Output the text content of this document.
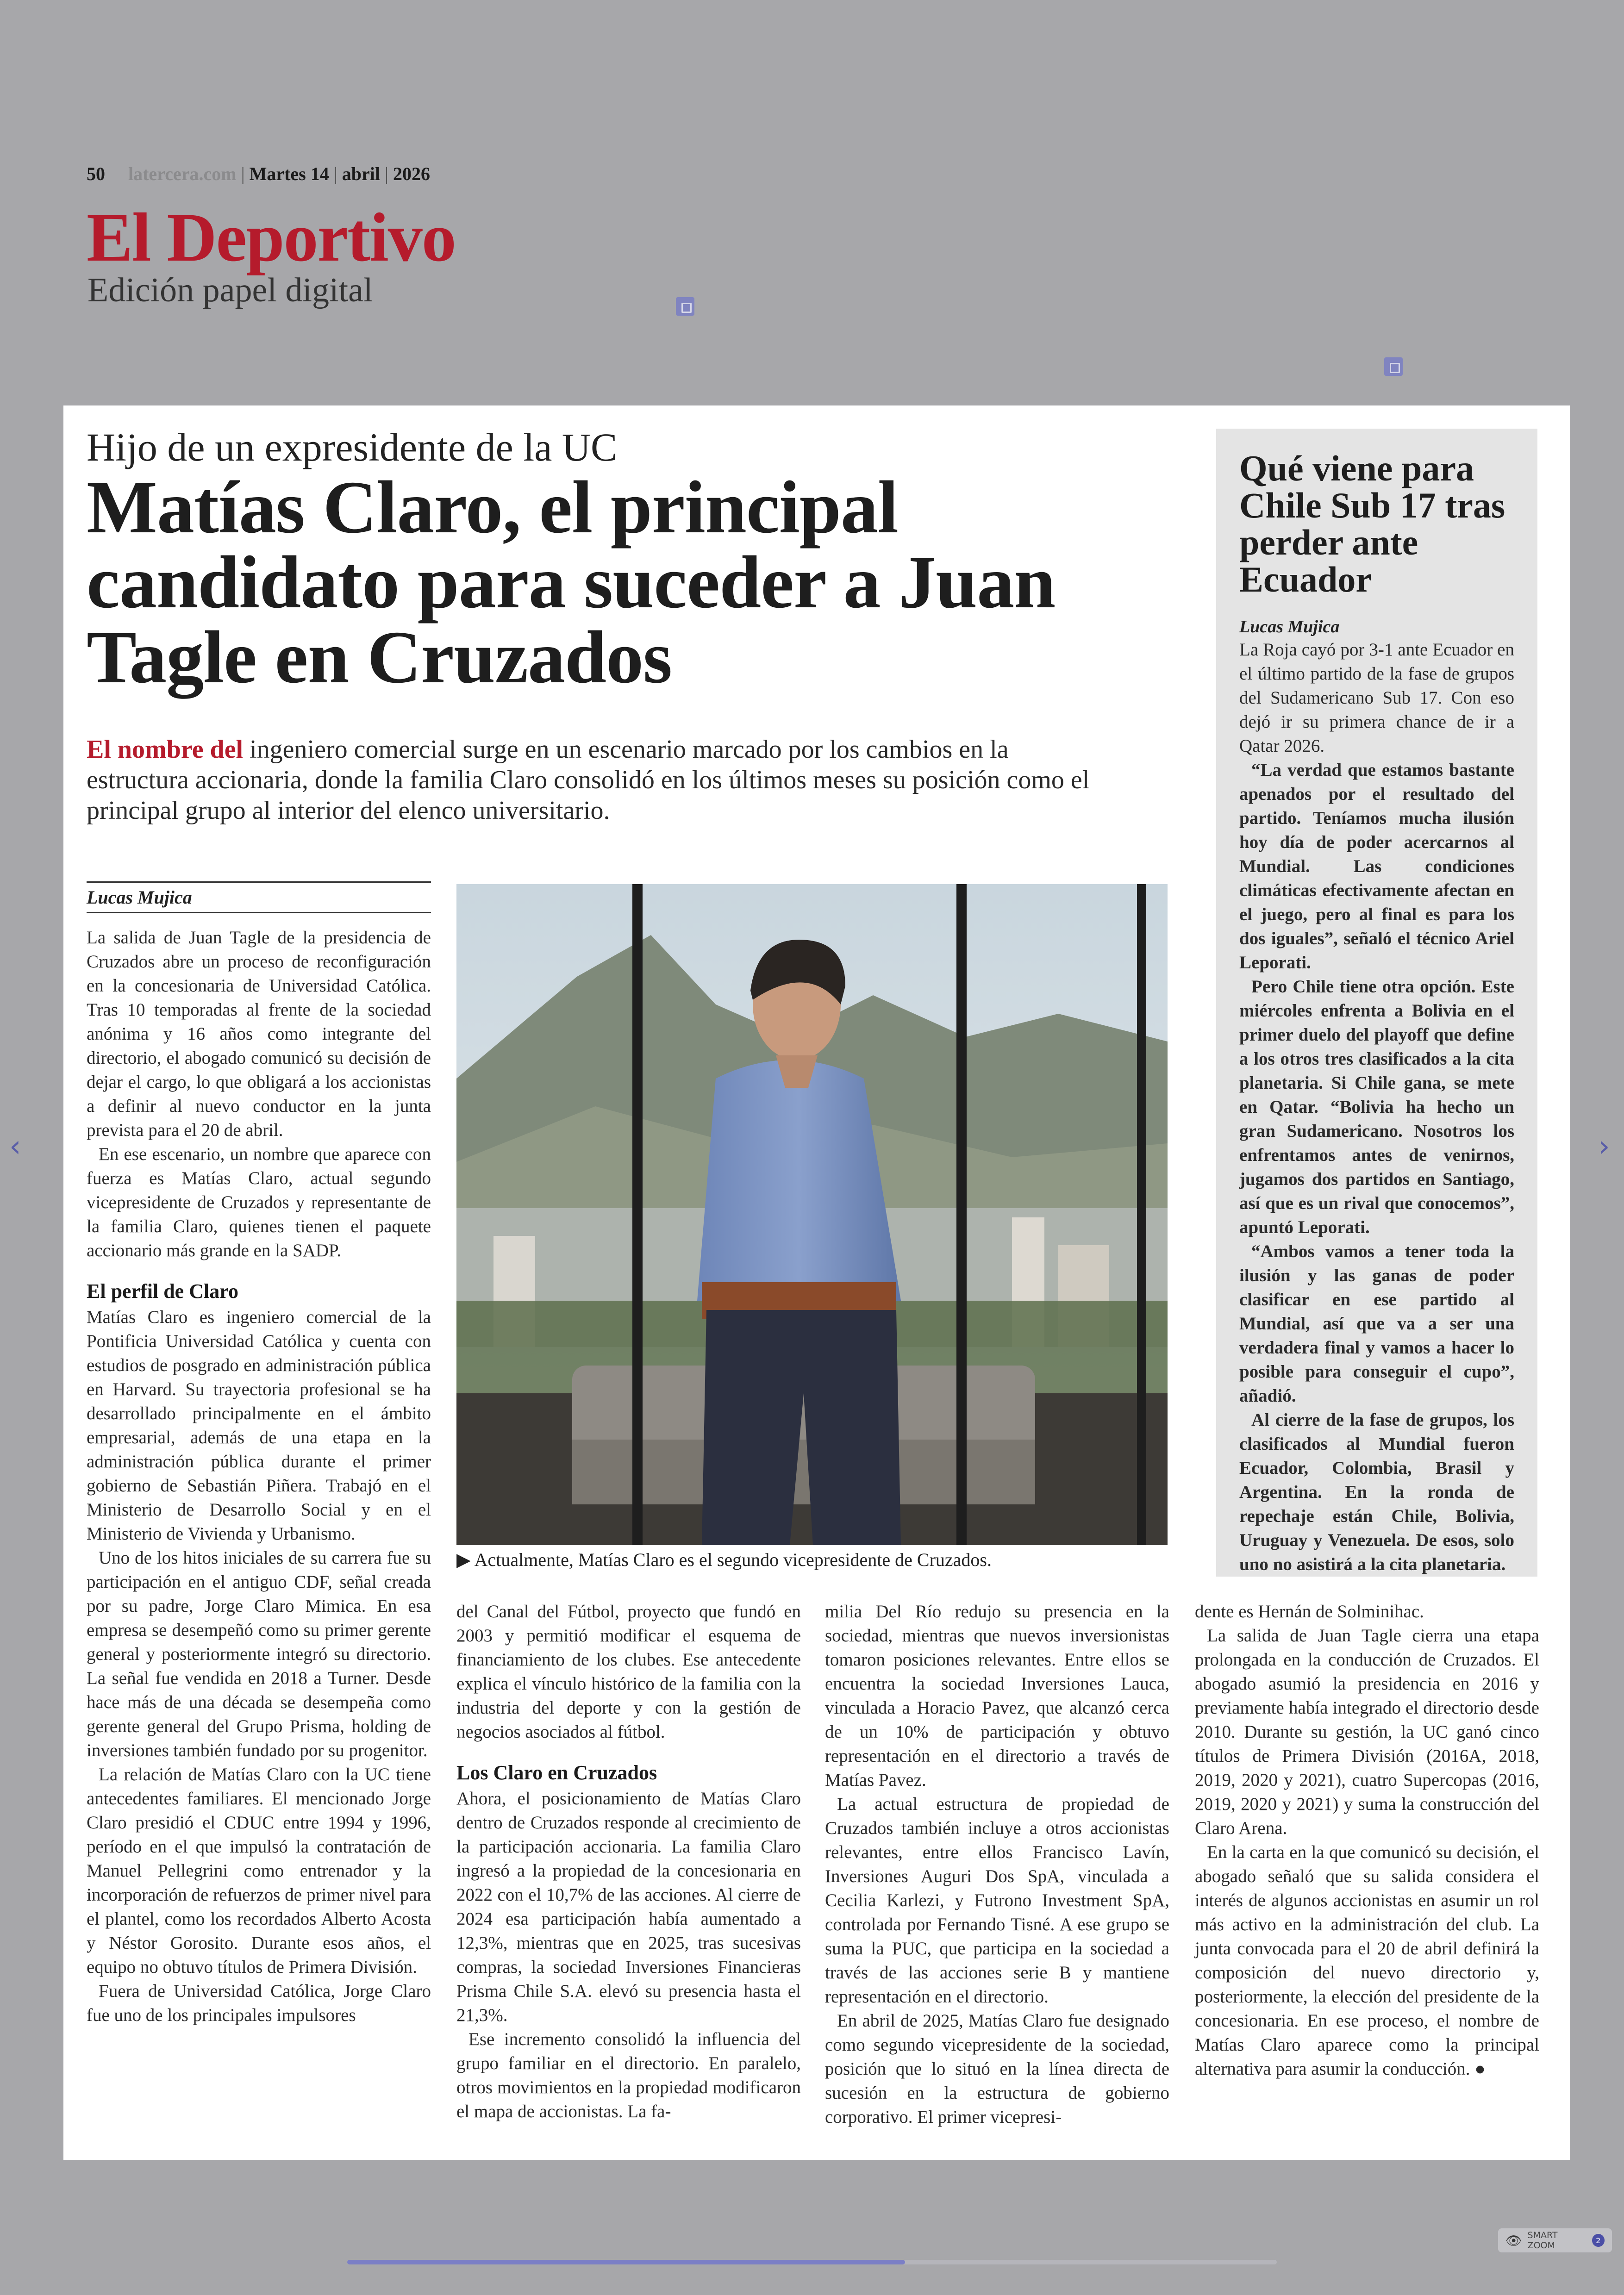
50 latercera.com | Martes 14 | abril | 2026
El Deportivo
Edición papel digital
Hijo de un expresidente de la UC
Matías Claro, el principal candidato para suceder a Juan Tagle en Cruzados
El nombre del ingeniero comercial surge en un escenario marcado por los cambios en la estructura accionaria, donde la familia Claro consolidó en los últimos meses su posición como el principal grupo al interior del elenco universitario.
Lucas Mujica

La salida de Juan Tagle de la presidencia de Cruzados abre un proceso de reconfiguración en la concesionaria de Universidad Católica. Tras 10 temporadas al frente de la sociedad anónima y 16 años como integrante del directorio, el abogado comunicó su decisión de dejar el cargo, lo que obligará a los accionistas a definir al nuevo conductor en la junta prevista para el 20 de abril.

En ese escenario, un nombre que aparece con fuerza es Matías Claro, actual segundo vicepresidente de Cruzados y representante de la familia Claro, quienes tienen el paquete accionario más grande en la SADP.

El perfil de Claro

Matías Claro es ingeniero comercial de la Pontificia Universidad Católica y cuenta con estudios de posgrado en administración pública en Harvard. Su trayectoria profesional se ha desarrollado principalmente en el ámbito empresarial, además de una etapa en la administración pública durante el primer gobierno de Sebastián Piñera. Trabajó en el Ministerio de Desarrollo Social y en el Ministerio de Vivienda y Urbanismo.

Uno de los hitos iniciales de su carrera fue su participación en el antiguo CDF, señal creada por su padre, Jorge Claro Mimica. En esa empresa se desempeñó como su primer gerente general y posteriormente integró su directorio. La señal fue vendida en 2018 a Turner. Desde hace más de una década se desempeña como gerente general del Grupo Prisma, holding de inversiones también fundado por su progenitor.

La relación de Matías Claro con la UC tiene antecedentes familiares. El mencionado Jorge Claro presidió el CDUC entre 1994 y 1996, período en el que impulsó la contratación de Manuel Pellegrini como entrenador y la incorporación de refuerzos de primer nivel para el plantel, como los recordados Alberto Acosta y Néstor Gorosito. Durante esos años, el equipo no obtuvo títulos de Primera División.

Fuera de Universidad Católica, Jorge Claro fue uno de los principales impulsores

▶ Actualmente, Matías Claro es el segundo vicepresidente de Cruzados.

del Canal del Fútbol, proyecto que fundó en 2003 y permitió modificar el esquema de financiamiento de los clubes. Ese antecedente explica el vínculo histórico de la familia con la industria del deporte y con la gestión de negocios asociados al fútbol.

Los Claro en Cruzados

Ahora, el posicionamiento de Matías Claro dentro de Cruzados responde al crecimiento de la participación accionaria. La familia Claro ingresó a la propiedad de la concesionaria en 2022 con el 10,7% de las acciones. Al cierre de 2024 esa participación había aumentado a 12,3%, mientras que en 2025, tras sucesivas compras, la sociedad Inversiones Financieras Prisma Chile S.A. elevó su presencia hasta el 21,3%.

Ese incremento consolidó la influencia del grupo familiar en el directorio. En paralelo, otros movimientos en la propiedad modificaron el mapa de accionistas. La fa-

milia Del Río redujo su presencia en la sociedad, mientras que nuevos inversionistas tomaron posiciones relevantes. Entre ellos se encuentra la sociedad Inversiones Lauca, vinculada a Horacio Pavez, que alcanzó cerca de un 10% de participación y obtuvo representación en el directorio a través de Matías Pavez.

La actual estructura de propiedad de Cruzados también incluye a otros accionistas relevantes, entre ellos Francisco Lavín, Inversiones Auguri Dos SpA, vinculada a Cecilia Karlezi, y Futrono Investment SpA, controlada por Fernando Tisné. A ese grupo se suma la PUC, que participa en la sociedad a través de las acciones serie B y mantiene representación en el directorio.

En abril de 2025, Matías Claro fue designado como segundo vicepresidente de la sociedad, posición que lo situó en la línea directa de sucesión en la estructura de gobierno corporativo. El primer vicepresi-

dente es Hernán de Solminihac.

La salida de Juan Tagle cierra una etapa prolongada en la conducción de Cruzados. El abogado asumió la presidencia en 2016 y previamente había integrado el directorio desde 2010. Durante su gestión, la UC ganó cinco títulos de Primera División (2016A, 2018, 2019, 2020 y 2021), cuatro Supercopas (2016, 2019, 2020 y 2021) y suma la construcción del Claro Arena.

En la carta en la que comunicó su decisión, el abogado señaló que su salida considera el interés de algunos accionistas en asumir un rol más activo en la administración del club. La junta convocada para el 20 de abril definirá la composición del nuevo directorio y, posteriormente, la elección del presidente de la concesionaria. En ese proceso, el nombre de Matías Claro aparece como la principal alternativa para asumir la conducción. ●

Qué viene para Chile Sub 17 tras perder ante Ecuador
Lucas Mujica

La Roja cayó por 3-1 ante Ecuador en el último partido de la fase de grupos del Sudamericano Sub 17. Con eso dejó ir su primera chance de ir a Qatar 2026.

“La verdad que estamos bastante apenados por el resultado del partido. Teníamos mucha ilusión hoy día de poder acercarnos al Mundial. Las condiciones climáticas efectivamente afectan en el juego, pero al final es para los dos iguales”, señaló el técnico Ariel Leporati.

Pero Chile tiene otra opción. Este miércoles enfrenta a Bolivia en el primer duelo del playoff que define a los otros tres clasificados a la cita planetaria. Si Chile gana, se mete en Qatar. “Bolivia ha hecho un gran Sudamericano. Nosotros los enfrentamos antes de venirnos, jugamos dos partidos en Santiago, así que es un rival que conocemos”, apuntó Leporati.

“Ambos vamos a tener toda la ilusión y las ganas de poder clasificar en ese partido al Mundial, así que va a ser una verdadera final y vamos a hacer lo posible para conseguir el cupo”, añadió.

Al cierre de la fase de grupos, los clasificados al Mundial fueron Ecuador, Colombia, Brasil y Argentina. En la ronda de repechaje están Chile, Bolivia, Uruguay y Venezuela. De esos, solo uno no asistirá a la cita planetaria.

‹	›
👁 SMART ZOOM	2
